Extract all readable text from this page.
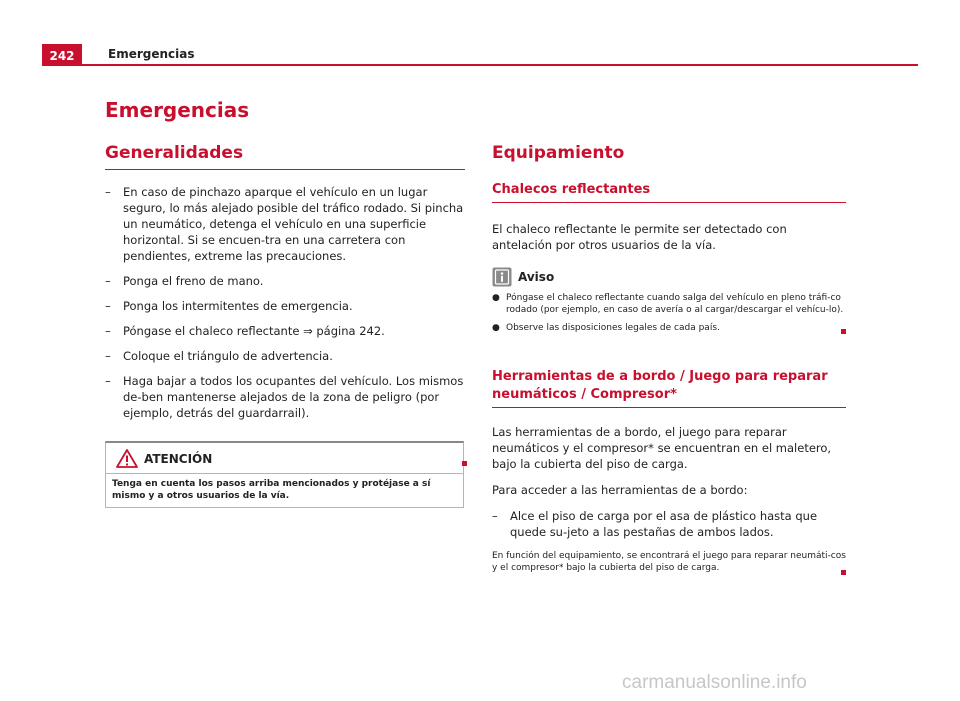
242	Emergencias
Emergencias
Generalidades
– En caso de pinchazo aparque el vehículo en un lugar seguro, lo más alejado posible del tráfico rodado. Si pincha un neumático, detenga el vehículo en una superficie horizontal. Si se encuen-tra en una carretera con pendientes, extreme las precauciones.
– Ponga el freno de mano.
– Ponga los intermitentes de emergencia.
– Póngase el chaleco reflectante ⇒ página 242.
– Coloque el triángulo de advertencia.
– Haga bajar a todos los ocupantes del vehículo. Los mismos de-ben mantenerse alejados de la zona de peligro (por ejemplo, detrás del guardarrail).
ATENCIÓN
Tenga en cuenta los pasos arriba mencionados y protéjase a sí mismo y a otros usuarios de la vía.
Equipamiento
Chalecos reflectantes

El chaleco reflectante le permite ser detectado con antelación por otros usuarios de la vía.

Aviso
● Póngase el chaleco reflectante cuando salga del vehículo en pleno tráfi-co rodado (por ejemplo, en caso de avería o al cargar/descargar el vehícu-lo).
● Observe las disposiciones legales de cada país.
Herramientas de a bordo / Juego para reparar neumáticos / Compresor*

Las herramientas de a bordo, el juego para reparar neumáticos y el compresor* se encuentran en el maletero, bajo la cubierta del piso de carga.

Para acceder a las herramientas de a bordo:

– Alce el piso de carga por el asa de plástico hasta que quede su-jeto a las pestañas de ambos lados.

En función del equipamiento, se encontrará el juego para reparar neumáti-cos y el compresor* bajo la cubierta del piso de carga.

carmanualsonline.info
